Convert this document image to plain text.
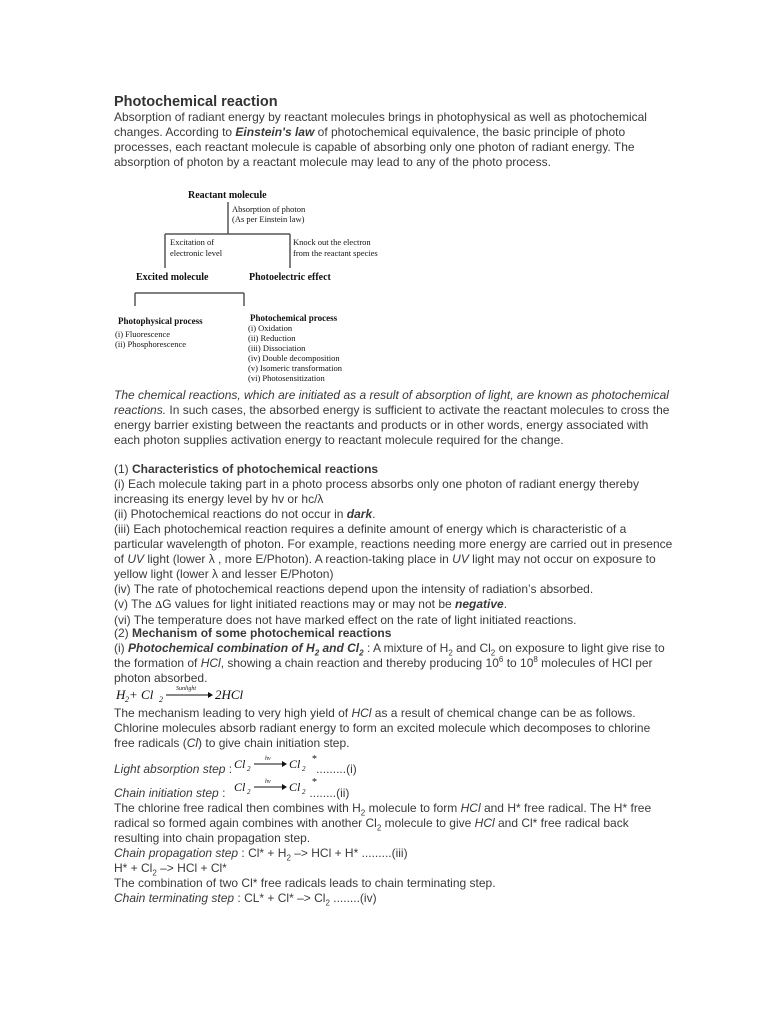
Photochemical reaction

Absorption of radiant energy by reactant molecules brings in photophysical as well as photochemical changes. According to Einstein's law of photochemical equivalence, the basic principle of photo processes, each reactant molecule is capable of absorbing only one photon of radiant energy. The absorption of photon by a reactant molecule may lead to any of the photo process.

Reactant molecule
Absorption of photon
(As per Einstein law)
Excitation of
electronic level
Knock out the electron
from the reactant species
Excited molecule	Photoelectric effect
Photophysical process
(i) Fluorescence
(ii) Phosphorescence
Photochemical process
(i) Oxidation
(ii) Reduction
(iii) Dissociation
(iv) Double decomposition
(v) Isomeric transformation
(vi) Photosensitization

The chemical reactions, which are initiated as a result of absorption of light, are known as photochemical reactions. In such cases, the absorbed energy is sufficient to activate the reactant molecules to cross the energy barrier existing between the reactants and products or in other words, energy associated with each photon supplies activation energy to reactant molecule required for the change.

(1) Characteristics of photochemical reactions

(i) Each molecule taking part in a photo process absorbs only one photon of radiant energy thereby increasing its energy level by hv or hc/λ

(ii) Photochemical reactions do not occur in dark.

(iii) Each photochemical reaction requires a definite amount of energy which is characteristic of a particular wavelength of photon. For example, reactions needing more energy are carried out in presence of UV light (lower λ , more E/Photon). A reaction-taking place in UV light may not occur on exposure to yellow light (lower λ and lesser E/Photon)

(iv) The rate of photochemical reactions depend upon the intensity of radiation’s absorbed.

(v) The ΔG values for light initiated reactions may or may not be negative.

(vi) The temperature does not have marked effect on the rate of light initiated reactions.

(2) Mechanism of some photochemical reactions

(i) Photochemical combination of $H_2$ and $Cl_2$ : A mixture of $H_2$ and $Cl_2$ on exposure to light give rise to the formation of HCl, showing a chain reaction and thereby producing $10^6$ to $10^8$ molecules of HCl per photon absorbed.

H 2 + Cl 2
Sunlight 2HCl

The mechanism leading to very high yield of HCl as a result of chemical change can be as follows. Chlorine molecules absorb radiant energy to form an excited molecule which decomposes to chlorine free radicals (Cl) to give chain initiation step.

Light absorption step :	.........(i)

Cl 2
hν Cl 2
*

Chain initiation step :	........(ii)

Cl 2
hν Cl 2
*

The chlorine free radical then combines with $H_2$ molecule to form HCl and H* free radical. The H* free radical so formed again combines with another $Cl_2$ molecule to give HCl and Cl* free radical back resulting into chain propagation step.

Chain propagation step : $Cl* + H_2$ –> HCl + H* .........(iii)

$H* + Cl_2$ –> HCl + Cl*

The combination of two Cl* free radicals leads to chain terminating step.

Chain terminating step : $CL* + Cl* -> Cl_2$ ........(iv)
